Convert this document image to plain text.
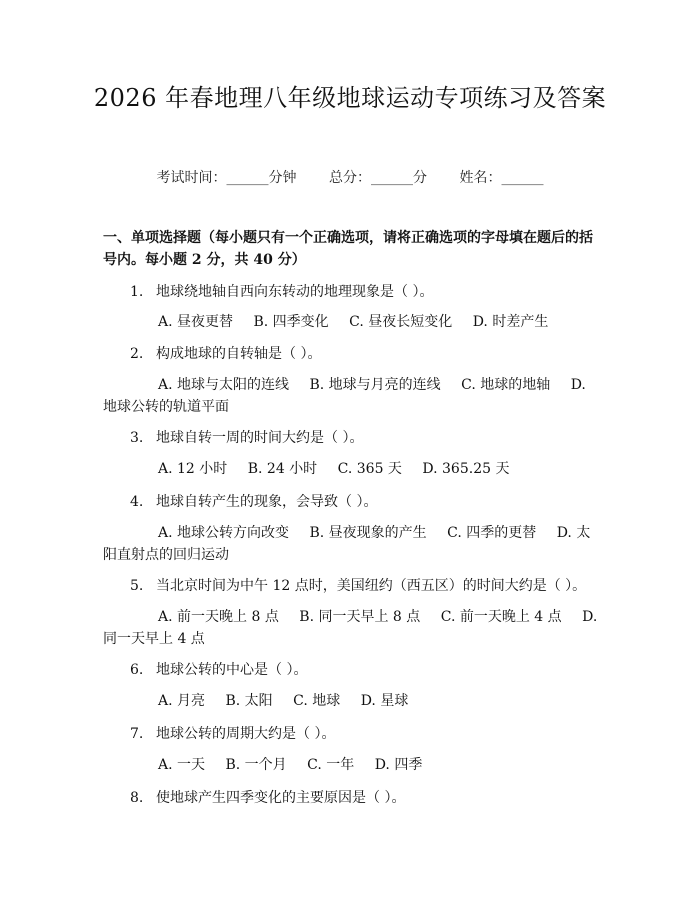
2026 年春地理八年级地球运动专项练习及答案
考试时间：______分钟 总分：______分 姓名：______

一、单项选择题（每小题只有一个正确选项，请将正确选项的字母填在题后的括号内。每小题 2 分，共 40 分）

1. 地球绕地轴自西向东转动的地理现象是（ ）。
A. 昼夜更替 B. 四季变化 C. 昼夜长短变化 D. 时差产生
2. 构成地球的自转轴是（ ）。
A. 地球与太阳的连线 B. 地球与月亮的连线 C. 地球的地轴 D. 地球公转的轨道平面
3. 地球自转一周的时间大约是（ ）。
A. 12 小时 B. 24 小时 C. 365 天 D. 365.25 天
4. 地球自转产生的现象，会导致（ ）。
A. 地球公转方向改变 B. 昼夜现象的产生 C. 四季的更替 D. 太阳直射点的回归运动
5. 当北京时间为中午 12 点时，美国纽约（西五区）的时间大约是（ ）。
A. 前一天晚上 8 点 B. 同一天早上 8 点 C. 前一天晚上 4 点 D. 同一天早上 4 点
6. 地球公转的中心是（ ）。
A. 月亮 B. 太阳 C. 地球 D. 星球
7. 地球公转的周期大约是（ ）。
A. 一天 B. 一个月 C. 一年 D. 四季
8. 使地球产生四季变化的主要原因是（ ）。
